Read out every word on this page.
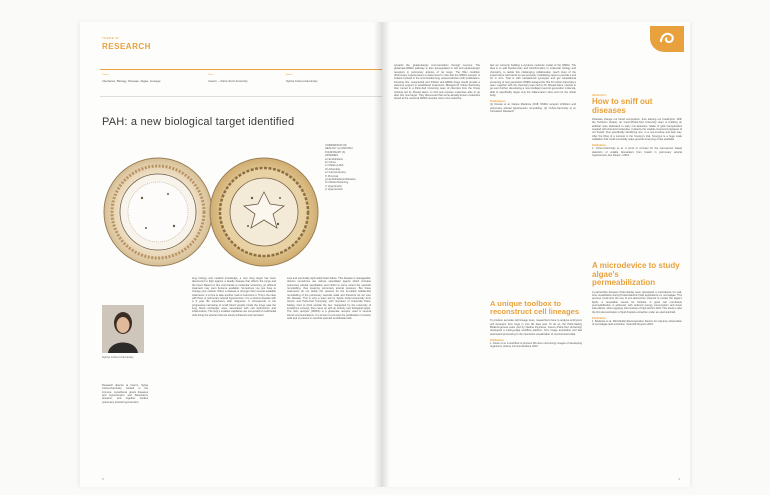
THEME 02
RESEARCH
Theme
Interfaces, Biology, Disease, Algae, Lineage
Team
Inserm – Paris-Sud University
Author
Sylvia Cohen-Kaminsky
PAH: a new biological target identified
COMPARISON OF
HEALTHY (a) AND PAH
PULMONARY (b)
ARTERIES.
a= Endothelium
b= Intima
c= Media (LAM)
d= Adventitia
e= Internal lamina
f= Proximal
g= Endothelial proliferation
h= Media thickening
i= Hypertrophy
j= Hypertension
Sylvia Cohen-Kaminsky
Research director at Inserm, Sylvia Cohen-Kaminsky worked in the immune, myasthenia gravis diseases and Hypertension and Respiratory domains, and together studies pulmonary arterial hypertension.
lung biology and medical knowledge, a new drug target has been discovered to fight against a deadly disease that affects the lungs and the heart. Based on this cost thanks to molecular screening, an efficient treatment may soon become available. Sometimes you just have to change your outlook. When a disease is stronger than several available treatments, it is time to take another road to overcome it. This is the case with PAH, or pulmonary arterial hypertension. It is a serious disease with a 5 year life expectancy after diagnosis. It corresponds to the progressive narrowing of small blood vessels inside the lungs near the lung blood exchanger area, associated with cell dysfunction and inflammation. The lung's smallest capillaries are composed of endothelial cells lining the arteries that are slowly thickened and narrowed.
sure and eventually right-sided heart failure. This disease is manageable; doctors sometimes use various vasodilator agents which increase pulmonary arterial vasodilation and inhibit to some extent the vascular remodelling, thus lowering pulmonary arterial pressure. But these treatments do not tackle the reasons for the so-called cellular-like remodelling of the pulmonary vascular walls and therefore do not cure the disease. This is why a team led by Sylvia Cohen-Kaminsky from Inserm and Paris-Sud University, with members of Université Paris-Saclay, tried to think outside the box. Supported by the university of excellence concept, they came up with an entirely new biological target. The nitric receptor (NMDA) is a glutamate receptor used in several stimuli communications. It is known to promote the proliferation of cancer cells and is present in cerebral vascular endothelial cells.
8
synaptic life, glutamatergic communication through neurons. The glutamate-NMDA pathway is also dysregulated in cell and glutamatergic receptors in pulmonary arteries of rat lungs. The PAH condition (Pulmonary hypertension) is determined in rats that the NMDA receptor is indeed involved in the uncontrolled lung vasoconstriction with proliferation. Knowing this, unexpected and brilliant anti-NMDA drugs would provide a welcome support to established treatments. Biologist Dr Cohen-Kaminsky then turned to a Paris-Sud University team of chemists from the Orsay Institute led by Mouad Alami, to find and express molecules able to go after this new target. They discovered that some already-known molecules aimed at the neuronal NMDA receptor were more selective.
feel we currently building a dynamic molecule model of the NMDA. The idea is to add biochemistry and bioinformatics to molecular biology and chemistry, to tackle this challenging collaboration. Each store of the experiments will extend to new precisely modulating steps to provide a tool for in vitro. That is with translational synergies and get translational screening of new generation NMDA antagonists. But Dr Cohen-Kaminsky's team, together with the chemistry team led by Dr Mouad Alami, intends to go even further, developing a new intelligent second generation molecule, able to specifically target only the inflammation sites and not the whole body.
Publications
(1) Dumas et al. Nature Medicine 2018. NMDA receptor inhibition and pulmonary arterial hypertension remodeling. (2) Cohen-Kaminsky et al. Circulation Research.
A unique toolbox to reconstruct cell lineages
To produce accurate cell lineage trees, researchers have to analyse embryonic cell dynamics from huge in vivo 4D data sets. To do so, the Paris-Saclay BioEmergences team (led by Nadine Peyriéras, Inserm–Paris-Sud University) developed a cutting-edge workflow platform, from image acquisition and fast automated processing to the interactive visualization of reconstructed data.
Publication
1. Faure et al. A workflow to process 3D+time microscopy images of developing organisms, Nature Communications 2016.
RESEARCH
How to sniff out diseases
Diseases change our blood composition, thus altering our breathprint. With the Technion (Israel), an Inserm/Paris-Sud University team is building an artificial nose dedicated to early non-detection. Made of gold nanoparticles coupled with chemical molecules, it detects the volatile compound signature of our breath, thus specifically identifying one, in a non-invasive and safe way. After the filing of a concept in the Snoopy's trial, Snoopys is a huge scale validation that could eventually make general screening of lies available.
Publication
1. Cohen-Kaminsky et al. A proof of concept for the nanosensor based detection of volatile biomarkers from breath in pulmonary arterial hypertension, Eur Respir J 2016.
A microdevice to study algae's permeabilization
A partnership between Paris-Saclay team developed a microdevice for real-time visualization during Pulsed Electric Field applications on microalgae. This process could limit the use of eco-destructive solvents to extract the algae's lipids, a renewable source for biofuels. A good cell membrane permeabilization is achieved, with reduced energy consumption and fewer side effects, when applying short pulses of high electric field. This study is also the first demonstration of lipid droplets extraction under an electrical field.
Publication
1. Bodénès et al. Microfluidic Electroporation Device for real-time observation of microalgae lipid extraction, Scientific Reports 2016.
9
